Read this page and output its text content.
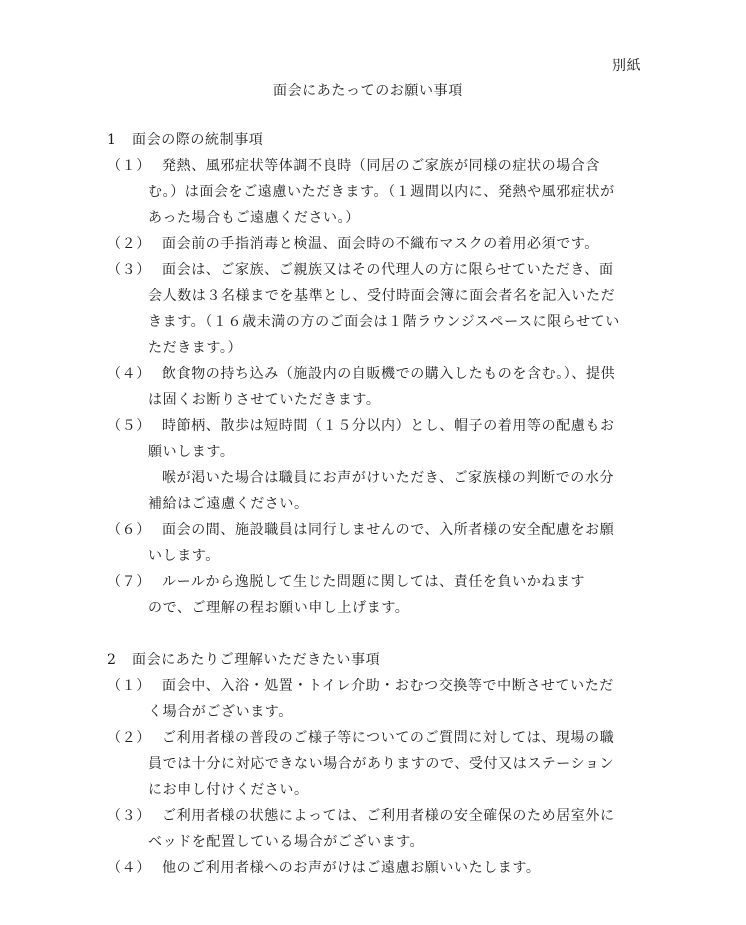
別紙
面会にあたってのお願い事項
1 面会の際の統制事項
（１） 発熱、風邪症状等体調不良時（同居のご家族が同様の症状の場合含
む。）は面会をご遠慮いただきます。（１週間以内に、発熱や風邪症状が
あった場合もご遠慮ください。）
（２） 面会前の手指消毒と検温、面会時の不織布マスクの着用必須です。
（３） 面会は、ご家族、ご親族又はその代理人の方に限らせていただき、面
会人数は３名様までを基準とし、受付時面会簿に面会者名を記入いただ
きます。（１６歳未満の方のご面会は１階ラウンジスペースに限らせてい
ただきます。）
（４） 飲食物の持ち込み（施設内の自販機での購入したものを含む。）、提供
は固くお断りさせていただきます。
（５） 時節柄、散歩は短時間（１５分以内）とし、帽子の着用等の配慮もお
願いします。
喉が渇いた場合は職員にお声がけいただき、ご家族様の判断での水分
補給はご遠慮ください。
（６） 面会の間、施設職員は同行しませんので、入所者様の安全配慮をお願
いします。
（７） ルールから逸脱して生じた問題に関しては、責任を負いかねます
ので、ご理解の程お願い申し上げます。
2 面会にあたりご理解いただきたい事項
（１） 面会中、入浴・処置・トイレ介助・おむつ交換等で中断させていただ
く場合がございます。
（２） ご利用者様の普段のご様子等についてのご質問に対しては、現場の職
員では十分に対応できない場合がありますので、受付又はステーション
にお申し付けください。
（３） ご利用者様の状態によっては、ご利用者様の安全確保のため居室外に
ベッドを配置している場合がございます。
（４） 他のご利用者様へのお声がけはご遠慮お願いいたします。
